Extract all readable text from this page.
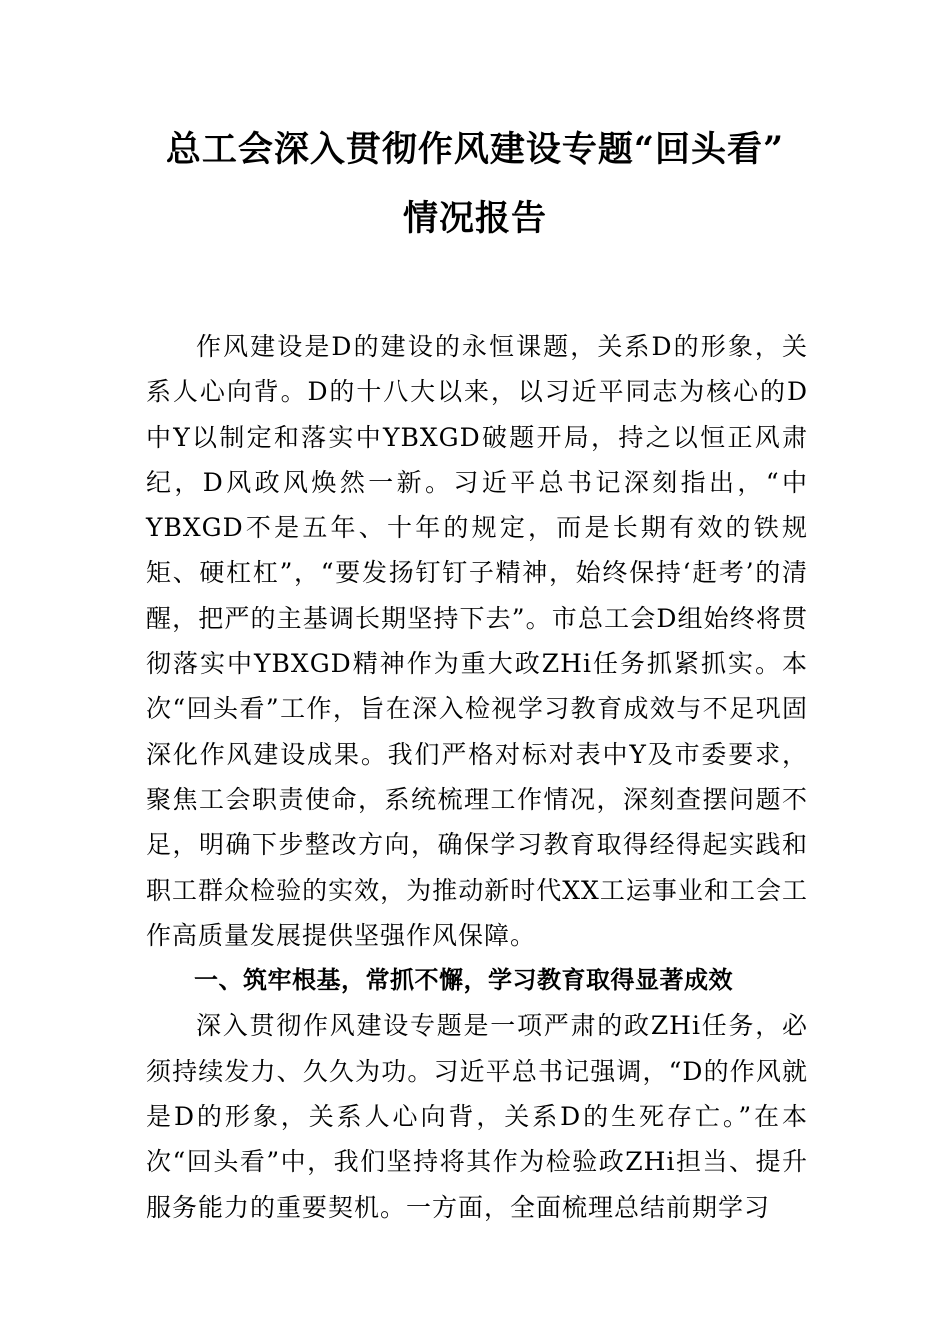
总工会深入贯彻作风建设专题“回头看”
情况报告

作风建设是D的建设的永恒课题，关系D的形象，关系人心向背。D的十八大以来，以习近平同志为核心的D中Y以制定和落实中YBXGD破题开局，持之以恒正风肃纪，D风政风焕然一新。习近平总书记深刻指出，“中YBXGD不是五年、十年的规定，而是长期有效的铁规矩、硬杠杠”，“要发扬钉钉子精神，始终保持‘赶考’的清醒，把严的主基调长期坚持下去”。市总工会D组始终将贯彻落实中YBXGD精神作为重大政ZHi任务抓紧抓实。本次“回头看”工作，旨在深入检视学习教育成效与不足巩固深化作风建设成果。我们严格对标对表中Y及市委要求，聚焦工会职责使命，系统梳理工作情况，深刻查摆问题不足，明确下步整改方向，确保学习教育取得经得起实践和职工群众检验的实效，为推动新时代XX工运事业和工会工作高质量发展提供坚强作风保障。

一、筑牢根基，常抓不懈，学习教育取得显著成效

深入贯彻作风建设专题是一项严肃的政ZHi任务，必须持续发力、久久为功。习近平总书记强调，“D的作风就是D的形象，关系人心向背，关系D的生死存亡。”在本次“回头看”中，我们坚持将其作为检验政ZHi担当、提升服务能力的重要契机。一方面，全面梳理总结前期学习
